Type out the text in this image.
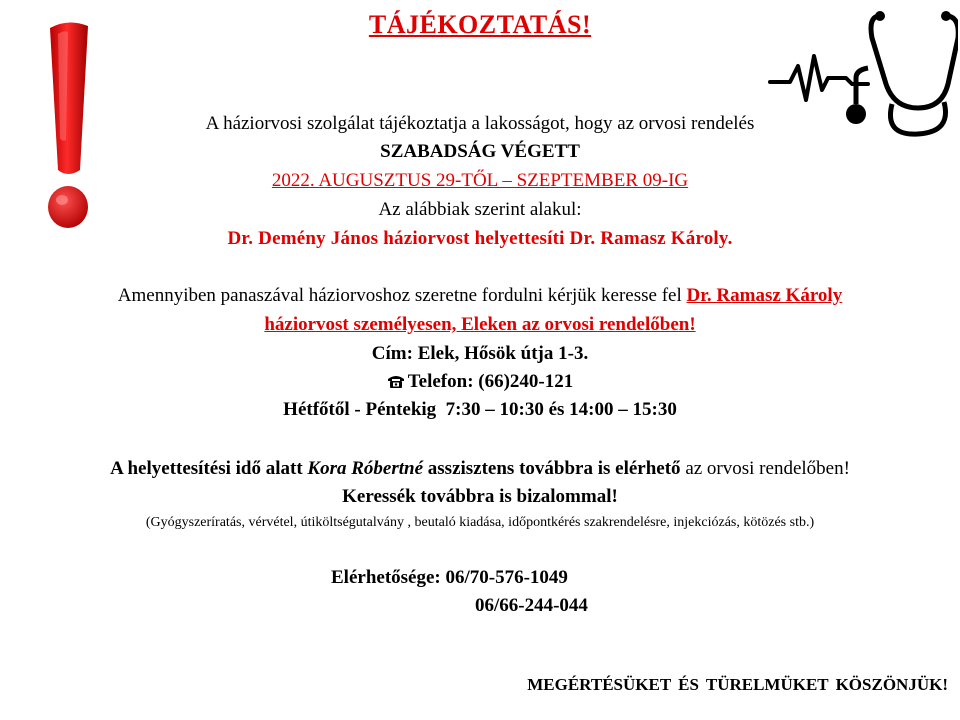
TÁJÉKOZTATÁS!
A háziorvosi szolgálat tájékoztatja a lakosságot, hogy az orvosi rendelés
SZABADSÁG VÉGETT
2022. AUGUSZTUS 29-TŐL – SZEPTEMBER 09-IG
Az alábbiak szerint alakul:
Dr. Demény János háziorvost helyettesíti Dr. Ramasz Károly.
Amennyiben panaszával háziorvoshoz szeretne fordulni kérjük keresse fel Dr. Ramasz Károly
háziorvost személyesen, Eleken az orvosi rendelőben!
Cím: Elek, Hősök útja 1-3.
Telefon: (66)240-121
Hétfőtől - Péntekig  7:30 – 10:30 és 14:00 – 15:30
A helyettesítési idő alatt Kora Róbertné asszisztens továbbra is elérhető az orvosi rendelőben!
Keressék továbbra is bizalommal!
(Gyógyszeríratás, vérvétel, útiköltségutalvány , beutaló kiadása, időpontkérés szakrendelésre, injekciózás, kötözés stb.)
Elérhetősége: 06/70-576-1049
06/66-244-044
MEGÉRTÉSÜKET ÉS TÜRELMÜKET KÖSZÖNJÜK!
